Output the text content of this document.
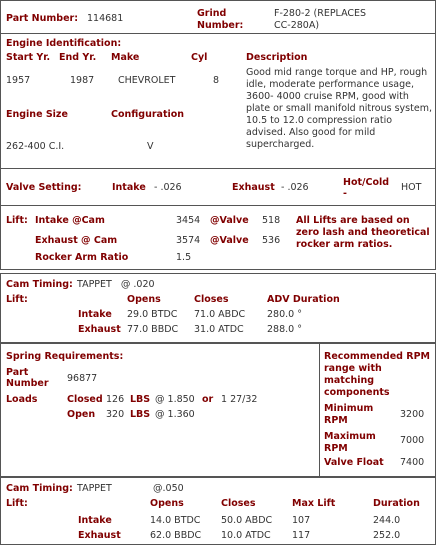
Part Number: 114681	Grind
Number:
F-280-2 (REPLACES
CC-280A)
Engine Identification:
Start Yr. End Yr. Make	Cyl	Description
1957	1987	CHEVROLET	8
Good mid range torque and HP, rough idle, moderate performance usage, 3600- 4000 cruise RPM, good with plate or small manifold nitrous system, 10.5 to 12.0 compression ratio advised. Also good for mild supercharged.
Engine Size	Configuration
262-400 C.I.	V
Valve Setting:	Intake - .026	Exhaust - .026	Hot/Cold
-
HOT
Lift: Intake @Cam	3454 @Valve 518
Exhaust @ Cam	3574 @Valve 536
Rocker Arm Ratio	1.5
All Lifts are based on zero lash and theoretical rocker arm ratios.
Cam Timing: TAPPET   @ .020
Lift:	Opens	Closes	ADV Duration
Intake 29.0 BTDC 71.0 ABDC 280.0 °
Exhaust 77.0 BBDC 31.0 ATDC 288.0 °
Spring Requirements:
Part
Number 96877
Loads	Closed 126 LBS @ 1.850 or 1 27/32
Open 320 LBS @ 1.360
Recommended RPM range with matching components
Minimum RPM
3200
Maximum RPM
7000
Valve Float 7400
Cam Timing: TAPPET	@.050
Lift:	Opens	Closes	Max Lift	Duration
Intake	14.0 BTDC 50.0 ABDC 107	244.0
Exhaust	62.0 BBDC 10.0 ATDC 117	252.0
